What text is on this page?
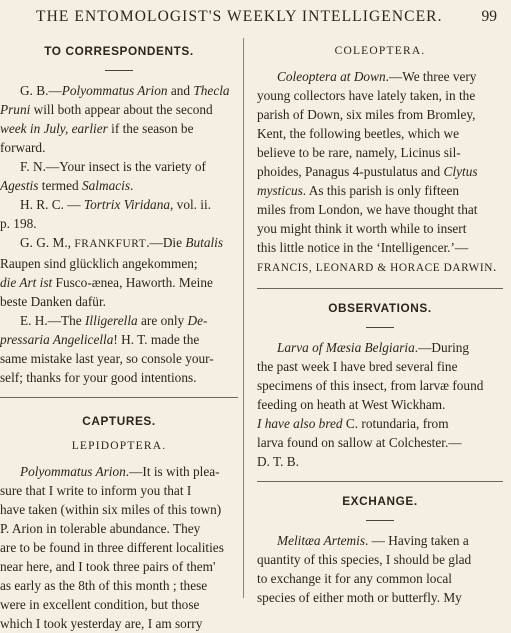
THE ENTOMOLOGIST'S WEEKLY INTELLIGENCER.	99
TO CORRESPONDENTS.

G. B.—Polyommatus Arion and Thecla
Pruni will both appear about the second
week in July, earlier if the season be
forward.

F. N.—Your insect is the variety of
Agestis termed Salmacis.

H. R. C. — Tortrix Viridana, vol. ii.
p. 198.

G. G. M., FRANKFURT.—Die Butalis
Raupen sind glücklich angekommen;
die Art ist Fusco-ænea, Haworth. Meine
beste Danken dafür.

E. H.—The Illigerella are only De-
pressaria Angelicella! H. T. made the
same mistake last year, so console your-
self; thanks for your good intentions.

CAPTURES.
LEPIDOPTERA.

Polyommatus Arion.—It is with plea-
sure that I write to inform you that I
have taken (within six miles of this town)
P. Arion in tolerable abundance. They
are to be found in three different localities
near here, and I took three pairs of them'
as early as the 8th of this month ; these
were in excellent condition, but those
which I took yesterday are, I am sorry

COLEOPTERA.

Coleoptera at Down.—We three very
young collectors have lately taken, in the
parish of Down, six miles from Bromley,
Kent, the following beetles, which we
believe to be rare, namely, Licinus sil-
phoides, Panagus 4-pustulatus and Clytus
mysticus. As this parish is only fifteen
miles from London, we have thought that
you might think it worth while to insert
this little notice in the ‘Intelligencer.’—
FRANCIS, LEONARD & HORACE DARWIN.

OBSERVATIONS.

Larva of Mæsia Belgiaria.—During
the past week I have bred several fine
specimens of this insect, from larvæ found
feeding on heath at West Wickham.
I have also bred C. rotundaria, from
larva found on sallow at Colchester.—
D. T. B.

EXCHANGE.

Melitæa Artemis. — Having taken a
quantity of this species, I should be glad
to exchange it for any common local
species of either moth or butterfly. My
